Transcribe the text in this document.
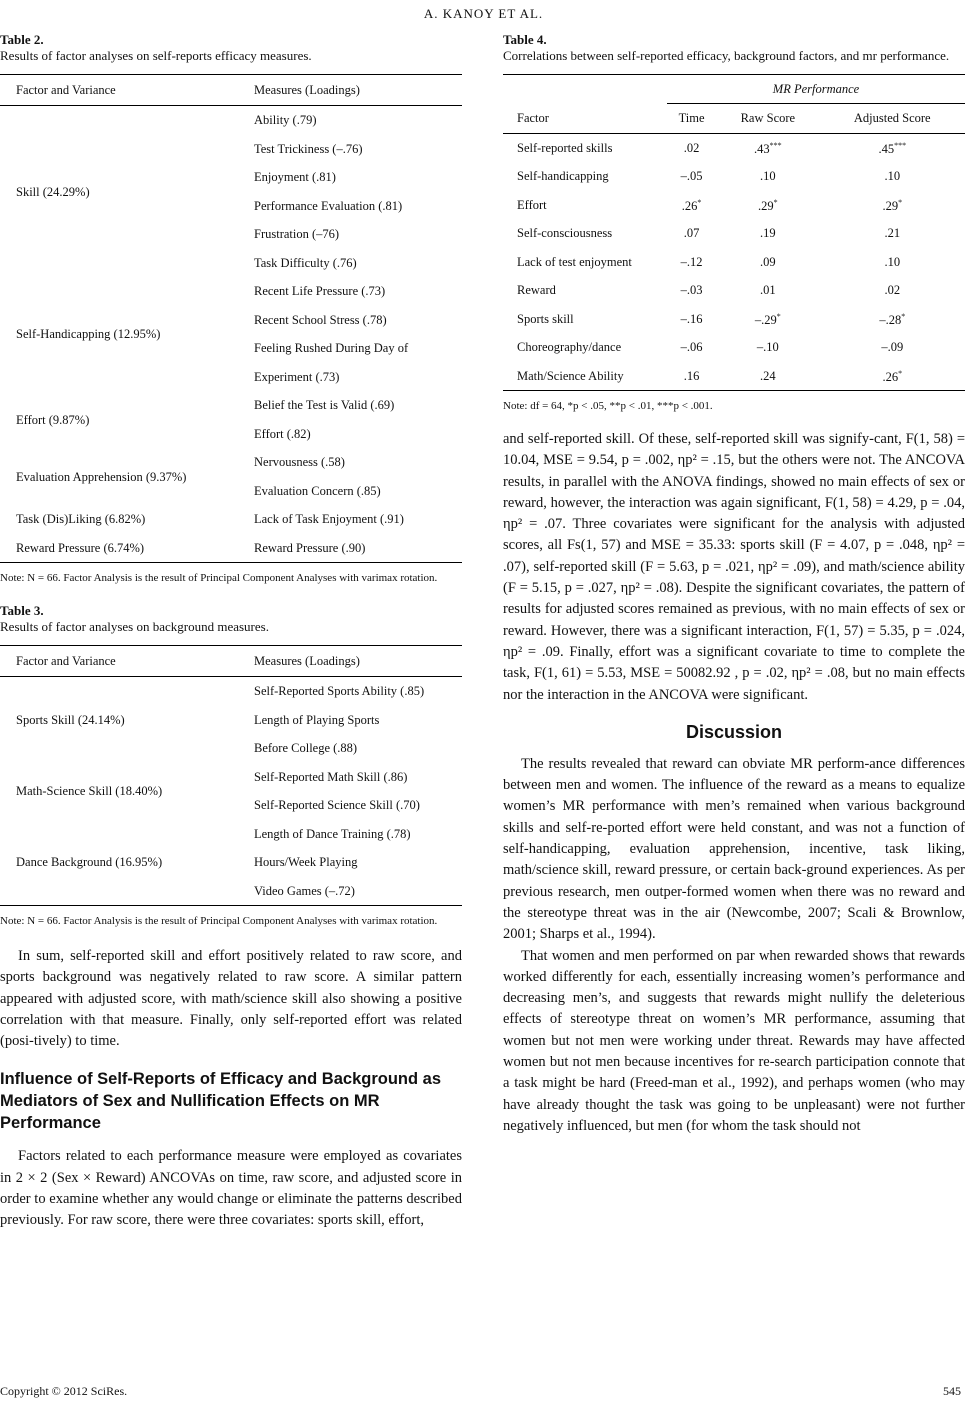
A. KANOY ET AL.
Table 2.
Results of factor analyses on self-reports efficacy measures.
Factor and Variance	Measures (Loadings)
Skill (24.29%)	Ability (.79)
	Test Trickiness (–.76)
	Enjoyment (.81)
	Performance Evaluation (.81)
	Frustration (–76)
	Task Difficulty (.76)
Self-Handicapping (12.95%)	Recent Life Pressure (.73)
	Recent School Stress (.78)
	Feeling Rushed During Day of
	Experiment (.73)
Effort (9.87%)	Belief the Test is Valid (.69)
	Effort (.82)
Evaluation Apprehension (9.37%)	Nervousness (.58)
	Evaluation Concern (.85)
Task (Dis)Liking (6.82%)	Lack of Task Enjoyment (.91)
Reward Pressure (6.74%)	Reward Pressure (.90)
Note: N = 66. Factor Analysis is the result of Principal Component Analyses with varimax rotation.
Table 3.
Results of factor analyses on background measures.
Factor and Variance	Measures (Loadings)
Sports Skill (24.14%)	Self-Reported Sports Ability (.85)
	Length of Playing Sports
	Before College (.88)
Math-Science Skill (18.40%)	Self-Reported Math Skill (.86)
	Self-Reported Science Skill (.70)
Dance Background (16.95%)	Length of Dance Training (.78)
	Hours/Week Playing
	Video Games (–.72)
Note: N = 66. Factor Analysis is the result of Principal Component Analyses with varimax rotation.

In sum, self-reported skill and effort positively related to raw score, and sports background was negatively related to raw score. A similar pattern appeared with adjusted score, with math/science skill also showing a positive correlation with that measure. Finally, only self-reported effort was related (posi-tively) to time.

Influence of Self-Reports of Efficacy and Background as Mediators of Sex and Nullification Effects on MR Performance

Factors related to each performance measure were employed as covariates in 2 × 2 (Sex × Reward) ANCOVAs on time, raw score, and adjusted score in order to examine whether any would change or eliminate the patterns described previously. For raw score, there were three covariates: sports skill, effort,

Table 4.
Correlations between self-reported efficacy, background factors, and mr performance.
	MR Performance		
Factor	Time	Raw Score	Adjusted Score
Self-reported skills	.02	.43***	.45***
Self-handicapping	–.05	.10	.10
Effort	.26*	.29*	.29*
Self-consciousness	.07	.19	.21
Lack of test enjoyment	–.12	.09	.10
Reward	–.03	.01	.02
Sports skill	–.16	–.29*	–.28*
Choreography/dance	–.06	–.10	–.09
Math/Science Ability	.16	.24	.26*
Note: df = 64, *p < .05, **p < .01, ***p < .001.

and self-reported skill. Of these, self-reported skill was signify-cant, F(1, 58) = 10.04, MSE = 9.54, p = .002, ηp² = .15, but the others were not. The ANCOVA results, in parallel with the ANOVA findings, showed no main effects of sex or reward, however, the interaction was again significant, F(1, 58) = 4.29, p = .04, ηp² = .07. Three covariates were significant for the analysis with adjusted scores, all Fs(1, 57) and MSE = 35.33: sports skill (F = 4.07, p = .048, ηp² = .07), self-reported skill (F = 5.63, p = .021, ηp² = .09), and math/science ability (F = 5.15, p = .027, ηp² = .08). Despite the significant covariates, the pattern of results for adjusted scores remained as previous, with no main effects of sex or reward. However, there was a significant interaction, F(1, 57) = 5.35, p = .024, ηp² = .09. Finally, effort was a significant covariate to time to complete the task, F(1, 61) = 5.53, MSE = 50082.92 , p = .02, ηp² = .08, but no main effects nor the interaction in the ANCOVA were significant.

Discussion

The results revealed that reward can obviate MR perform-ance differences between men and women. The influence of the reward as a means to equalize women’s MR performance with men’s remained when various background skills and self-re-ported effort were held constant, and was not a function of self-handicapping, evaluation apprehension, incentive, task liking, math/science skill, reward pressure, or certain back-ground experiences. As per previous research, men outper-formed women when there was no reward and the stereotype threat was in the air (Newcombe, 2007; Scali & Brownlow, 2001; Sharps et al., 1994).

That women and men performed on par when rewarded shows that rewards worked differently for each, essentially increasing women’s performance and decreasing men’s, and suggests that rewards might nullify the deleterious effects of stereotype threat on women’s MR performance, assuming that women but not men were working under threat. Rewards may have affected women but not men because incentives for re-search participation connote that a task might be hard (Freed-man et al., 1992), and perhaps women (who may have already thought the task was going to be unpleasant) were not further negatively influenced, but men (for whom the task should not

Copyright © 2012 SciRes.	545
